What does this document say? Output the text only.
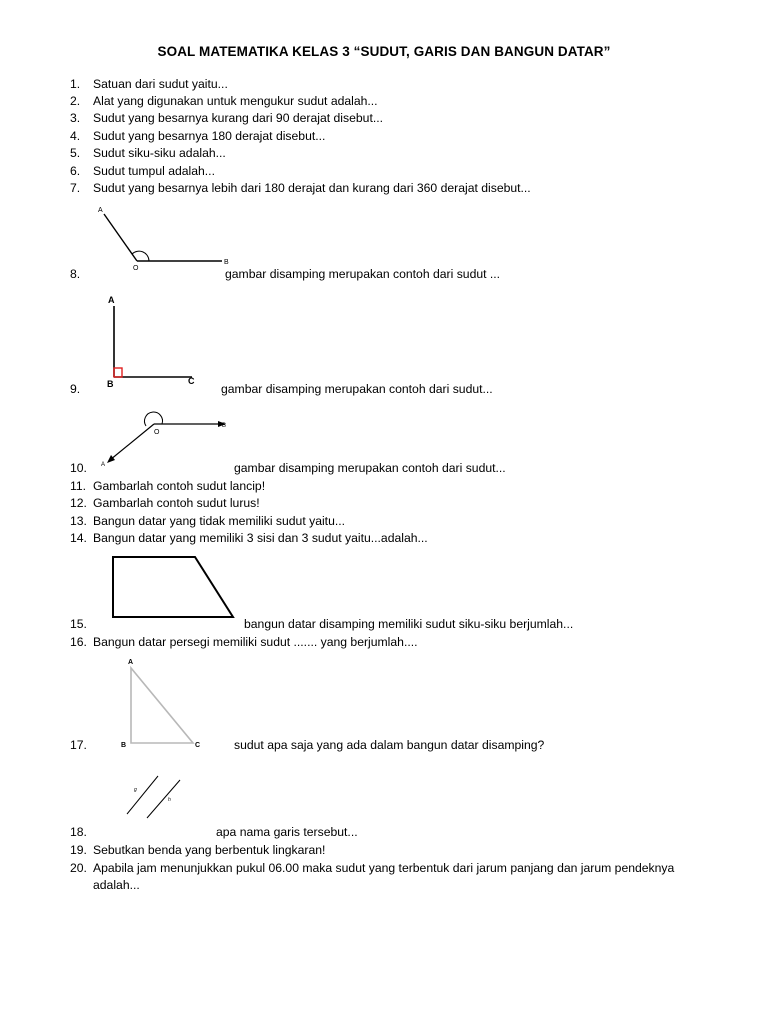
SOAL MATEMATIKA KELAS 3 “SUDUT, GARIS DAN BANGUN DATAR”
1. Satuan dari sudut yaitu...
2. Alat yang digunakan untuk mengukur sudut adalah...
3. Sudut yang besarnya kurang dari 90 derajat disebut...
4. Sudut yang besarnya 180 derajat disebut...
5. Sudut siku-siku adalah...
6. Sudut tumpul adalah...
7. Sudut yang besarnya lebih dari 180 derajat dan kurang dari 360 derajat disebut...
A
O
B
8.	gambar disamping merupakan contoh dari sudut ...
A
B	C
9.	gambar disamping merupakan contoh dari sudut...
O
B
A
10.	gambar disamping merupakan contoh dari sudut...
11. Gambarlah contoh sudut lancip!
12. Gambarlah contoh sudut lurus!
13. Bangun datar yang tidak memiliki sudut yaitu...
14. Bangun datar yang memiliki 3 sisi dan 3 sudut yaitu...adalah...
15.	bangun datar disamping memiliki sudut siku-siku berjumlah...
16. Bangun datar persegi memiliki sudut ....... yang berjumlah....
A
B	C
17.	sudut apa saja yang ada dalam bangun datar disamping?
g
h
18.	apa nama garis tersebut...
19. Sebutkan benda yang berbentuk lingkaran!
20. Apabila jam menunjukkan pukul 06.00 maka sudut yang terbentuk dari jarum panjang dan jarum pendeknya
adalah...
